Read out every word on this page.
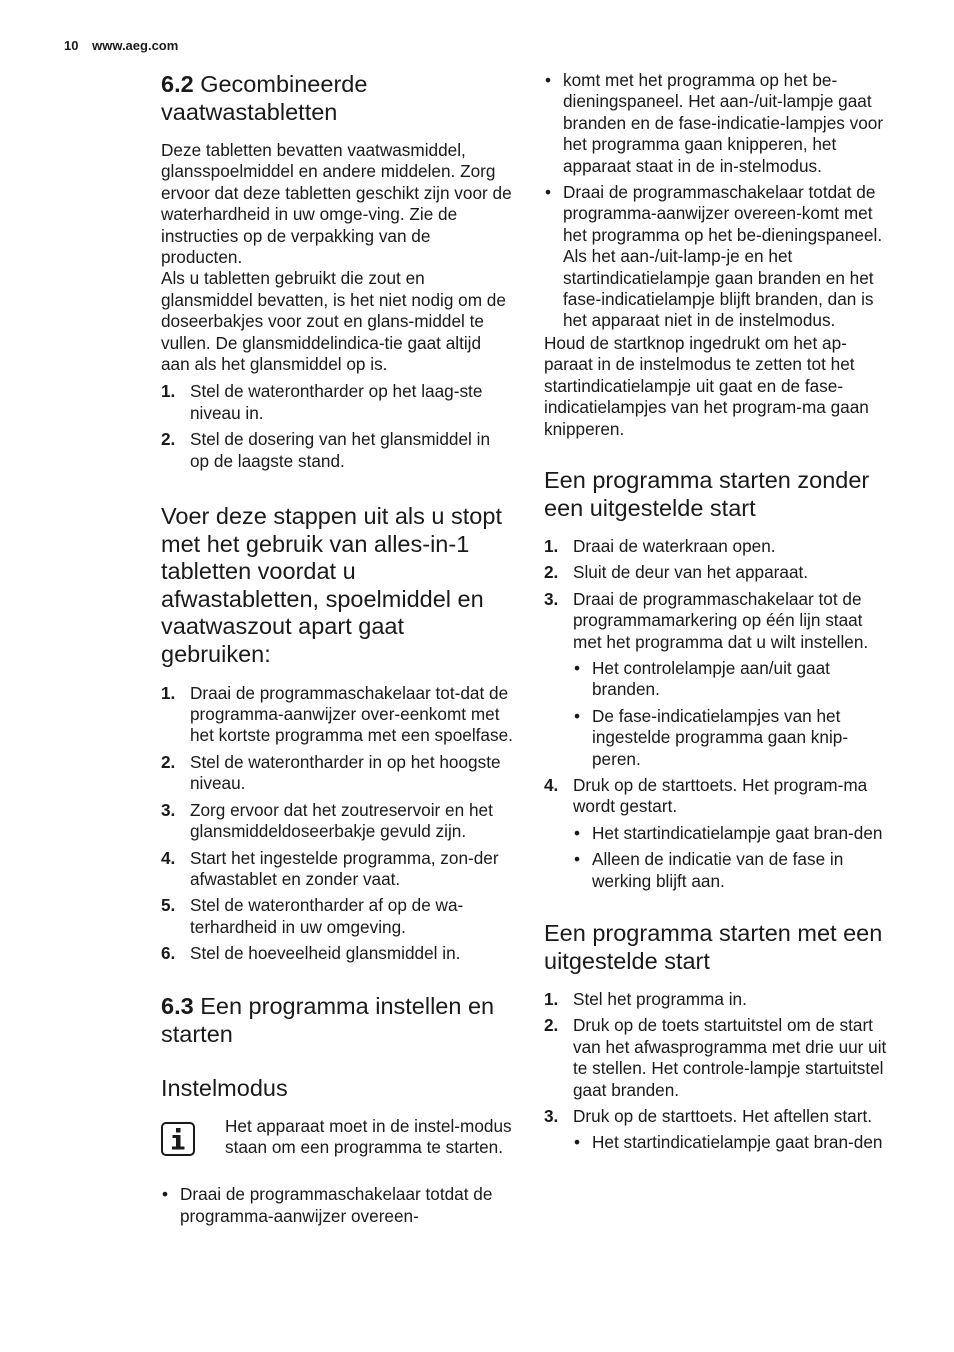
10 www.aeg.com
6.2 Gecombineerde vaatwastabletten

Deze tabletten bevatten vaatwasmiddel, glansspoelmiddel en andere middelen. Zorg ervoor dat deze tabletten geschikt zijn voor de waterhardheid in uw omge-ving. Zie de instructies op de verpakking van de producten.

Als u tabletten gebruikt die zout en glansmiddel bevatten, is het niet nodig om de doseerbakjes voor zout en glans-middel te vullen. De glansmiddelindica-tie gaat altijd aan als het glansmiddel op is.

1. Stel de waterontharder op het laag-ste niveau in.
2. Stel de dosering van het glansmiddel in op de laagste stand.
Voer deze stappen uit als u stopt met het gebruik van alles-in-1 tabletten voordat u afwastabletten, spoelmiddel en vaatwaszout apart gaat gebruiken:
1. Draai de programmaschakelaar tot-dat de programma-aanwijzer over-eenkomt met het kortste programma met een spoelfase.
2. Stel de waterontharder in op het hoogste niveau.
3. Zorg ervoor dat het zoutreservoir en het glansmiddeldoseerbakje gevuld zijn.
4. Start het ingestelde programma, zon-der afwastablet en zonder vaat.
5. Stel de waterontharder af op de wa-terhardheid in uw omgeving.
6. Stel de hoeveelheid glansmiddel in.
6.3 Een programma instellen en starten
Instelmodus

Het apparaat moet in de instel-modus staan om een programma te starten.

• Draai de programmaschakelaar totdat de programma-aanwijzer overeen-
• komt met het programma op het be-dieningspaneel. Het aan-/uit-lampje gaat branden en de fase-indicatie-lampjes voor het programma gaan knipperen, het apparaat staat in de in-stelmodus.
• Draai de programmaschakelaar totdat de programma-aanwijzer overeen-komt met het programma op het be-dieningspaneel. Als het aan-/uit-lamp-je en het startindicatielampje gaan branden en het fase-indicatielampje blijft branden, dan is het apparaat niet in de instelmodus.

Houd de startknop ingedrukt om het ap-paraat in de instelmodus te zetten tot het startindicatielampje uit gaat en de fase-indicatielampjes van het program-ma gaan knipperen.

Een programma starten zonder een uitgestelde start
1. Draai de waterkraan open.
2. Sluit de deur van het apparaat.
3. Draai de programmaschakelaar tot de programmamarkering op één lijn staat met het programma dat u wilt instellen.
• Het controlelampje aan/uit gaat branden.
• De fase-indicatielampjes van het ingestelde programma gaan knip-peren.
4. Druk op de starttoets. Het program-ma wordt gestart.
• Het startindicatielampje gaat bran-den
• Alleen de indicatie van de fase in werking blijft aan.
Een programma starten met een uitgestelde start
1. Stel het programma in.
2. Druk op de toets startuitstel om de start van het afwasprogramma met drie uur uit te stellen. Het controle-lampje startuitstel gaat branden.
3. Druk op de starttoets. Het aftellen start.
• Het startindicatielampje gaat bran-den
